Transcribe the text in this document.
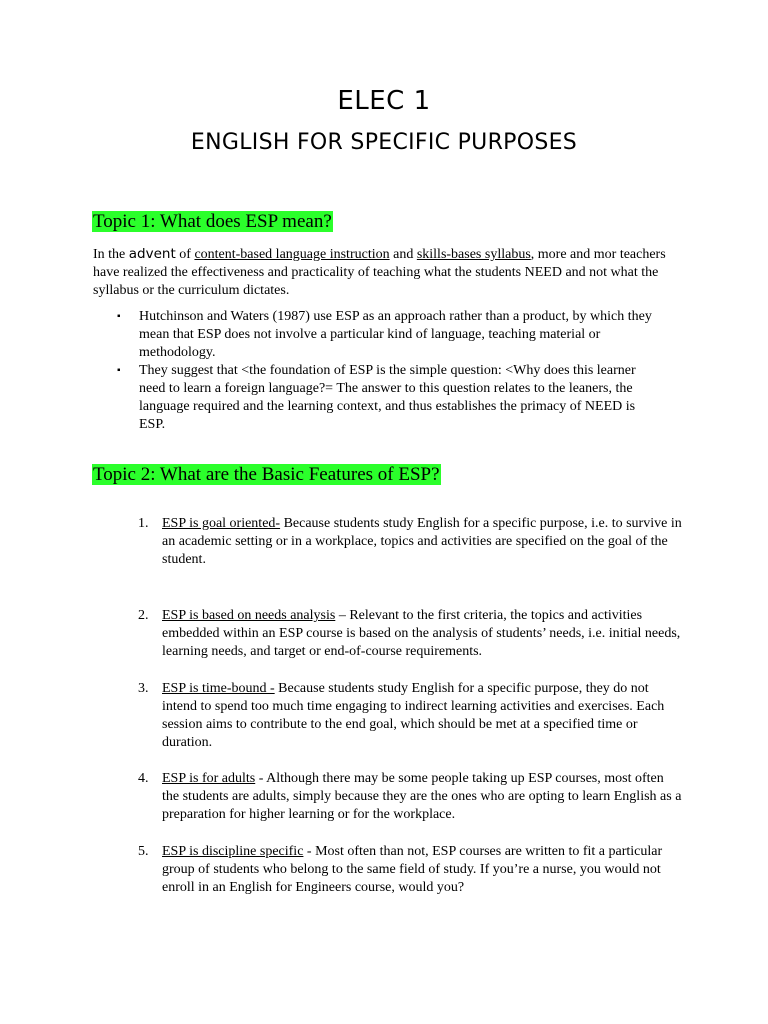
ELEC 1
ENGLISH FOR SPECIFIC PURPOSES
Topic 1: What does ESP mean?

In the advent of content-based language instruction and skills-bases syllabus, more and mor teachers have realized the effectiveness and practicality of teaching what the students NEED and not what the syllabus or the curriculum dictates.

▪ Hutchinson and Waters (1987) use ESP as an approach rather than a product, by which they mean that ESP does not involve a particular kind of language, teaching material or methodology.
▪ They suggest that <the foundation of ESP is the simple question: <Why does this learner need to learn a foreign language?= The answer to this question relates to the leaners, the language required and the learning context, and thus establishes the primacy of NEED is ESP.
Topic 2: What are the Basic Features of ESP?
1. ESP is goal oriented- Because students study English for a specific purpose, i.e. to survive in an academic setting or in a workplace, topics and activities are specified on the goal of the student.
2. ESP is based on needs analysis – Relevant to the first criteria, the topics and activities embedded within an ESP course is based on the analysis of students’ needs, i.e. initial needs, learning needs, and target or end-of-course requirements.
3. ESP is time-bound - Because students study English for a specific purpose, they do not intend to spend too much time engaging to indirect learning activities and exercises. Each session aims to contribute to the end goal, which should be met at a specified time or duration.
4. ESP is for adults - Although there may be some people taking up ESP courses, most often the students are adults, simply because they are the ones who are opting to learn English as a preparation for higher learning or for the workplace.
5. ESP is discipline specific - Most often than not, ESP courses are written to fit a particular group of students who belong to the same field of study. If you’re a nurse, you would not enroll in an English for Engineers course, would you?
